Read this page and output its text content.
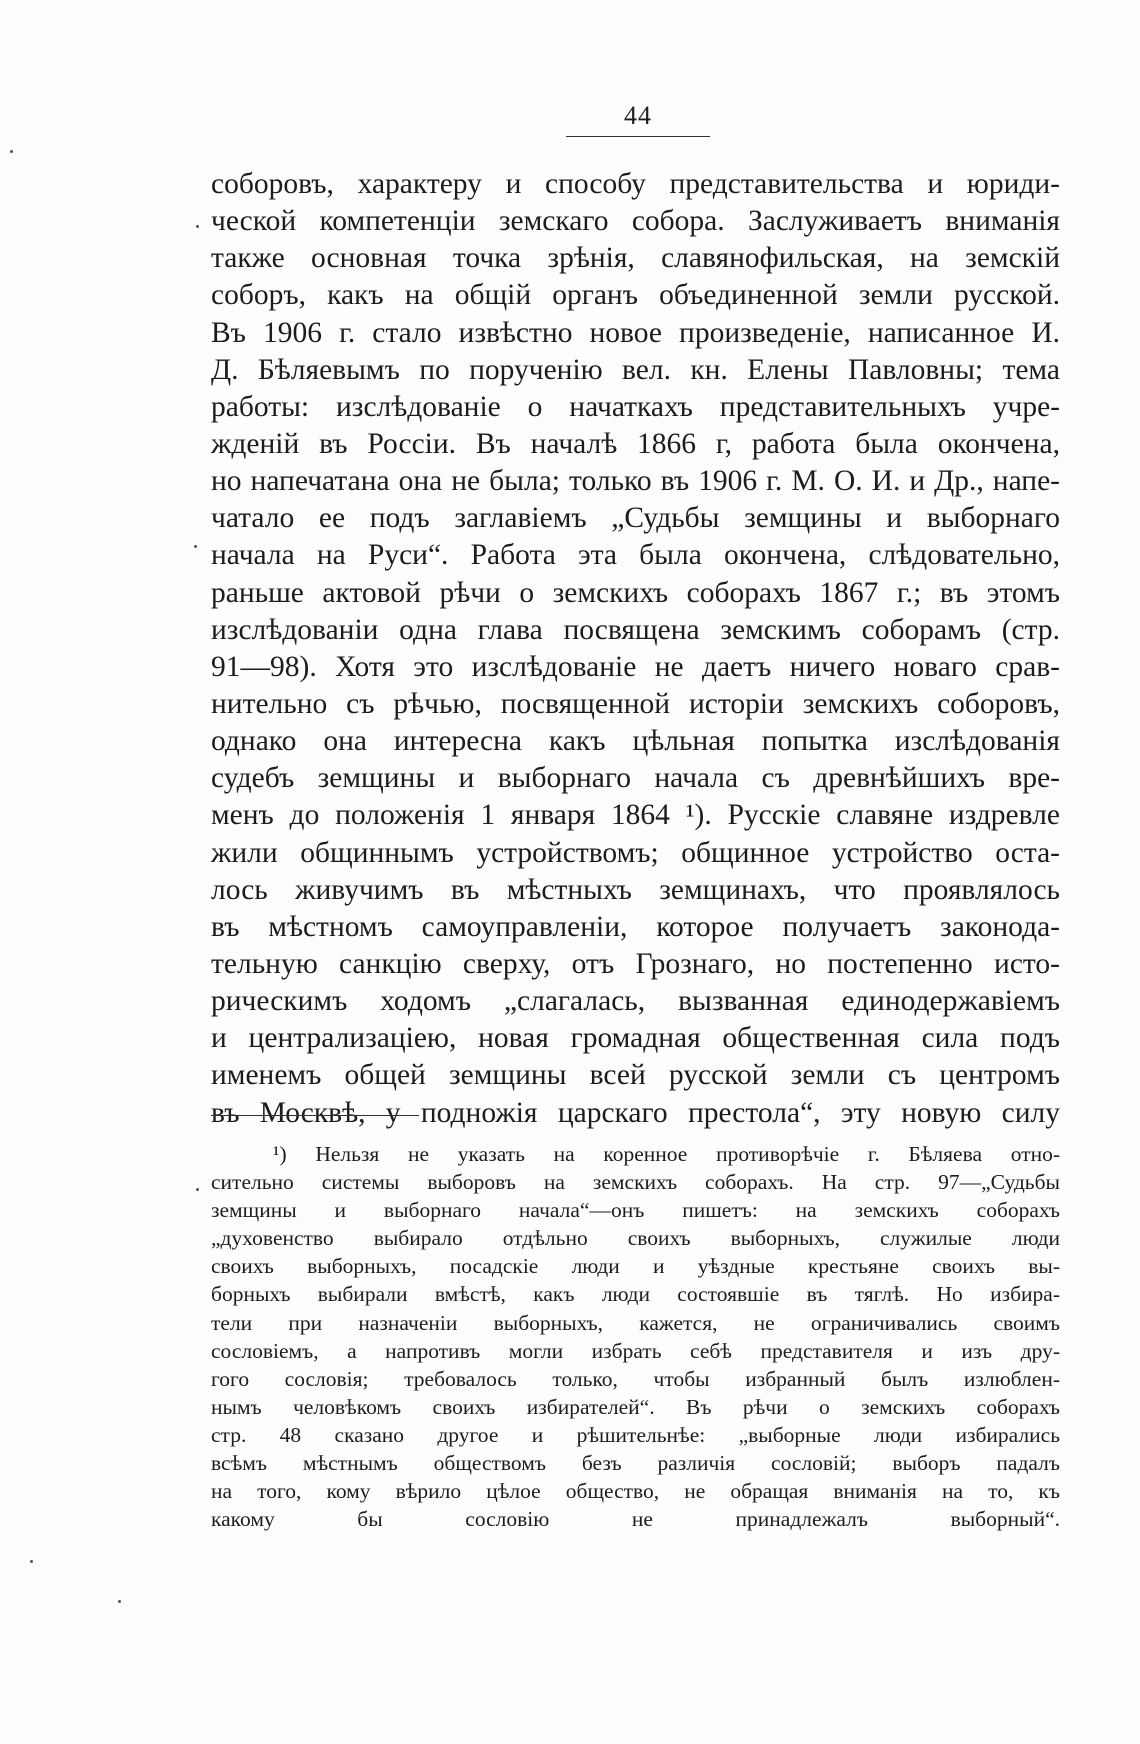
44
соборовъ, характеру и способу представительства и юриди-
ческой компетенціи земскаго собора. Заслуживаетъ вниманія
также основная точка зрѣнія, славянофильская, на земскій
соборъ, какъ на общій органъ объединенной земли русской.
Въ 1906 г. стало извѣстно новое произведеніе, написанное И.
Д. Бѣляевымъ по порученію вел. кн. Елены Павловны; тема
работы: изслѣдованіе о начаткахъ представительныхъ учре-
жденій въ Россіи. Въ началѣ 1866 г, работа была окончена,
но напечатана она не была; только въ 1906 г. М. О. И. и Др., напе-
чатало ее подъ заглавіемъ „Судьбы земщины и выборнаго
начала на Руси“. Работа эта была окончена, слѣдовательно,
раньше актовой рѣчи о земскихъ соборахъ 1867 г.; въ этомъ
изслѣдованіи одна глава посвящена земскимъ соборамъ (стр.
91—98). Хотя это изслѣдованіе не даетъ ничего новаго срав-
нительно съ рѣчью, посвященной исторіи земскихъ соборовъ,
однако она интересна какъ цѣльная попытка изслѣдованія
судебъ земщины и выборнаго начала съ древнѣйшихъ вре-
менъ до положенія 1 января 1864 ¹). Русскіе славяне издревле
жили общиннымъ устройствомъ; общинное устройство оста-
лось живучимъ въ мѣстныхъ земщинахъ, что проявлялось
въ мѣстномъ самоуправленіи, которое получаетъ законода-
тельную санкцію сверху, отъ Грознаго, но постепенно исто-
рическимъ ходомъ „слагалась, вызванная единодержавіемъ
и централизаціею, новая громадная общественная сила подъ
именемъ общей земщины всей русской земли съ центромъ
въ Москвѣ, у подножія царскаго престола“, эту новую силу
¹) Нельзя не указать на коренное противорѣчіе г. Бѣляева отно-
сительно системы выборовъ на земскихъ соборахъ. На стр. 97—„Судьбы
земщины и выборнаго начала“—онъ пишетъ: на земскихъ соборахъ
„духовенство выбирало отдѣльно своихъ выборныхъ, служилые люди
своихъ выборныхъ, посадскіе люди и уѣздные крестьяне своихъ вы-
борныхъ выбирали вмѣстѣ, какъ люди состоявшіе въ тяглѣ. Но избира-
тели при назначеніи выборныхъ, кажется, не ограничивались своимъ
сословіемъ, а напротивъ могли избрать себѣ представителя и изъ дру-
гого сословія; требовалось только, чтобы избранный былъ излюблен-
нымъ человѣкомъ своихъ избирателей“. Въ рѣчи о земскихъ соборахъ
стр. 48 сказано другое и рѣшительнѣе: „выборные люди избирались
всѣмъ мѣстнымъ обществомъ безъ различія сословій; выборъ падалъ
на того, кому вѣрило цѣлое общество, не обращая вниманія на то, къ
какому бы сословію не принадлежалъ выборный“.
